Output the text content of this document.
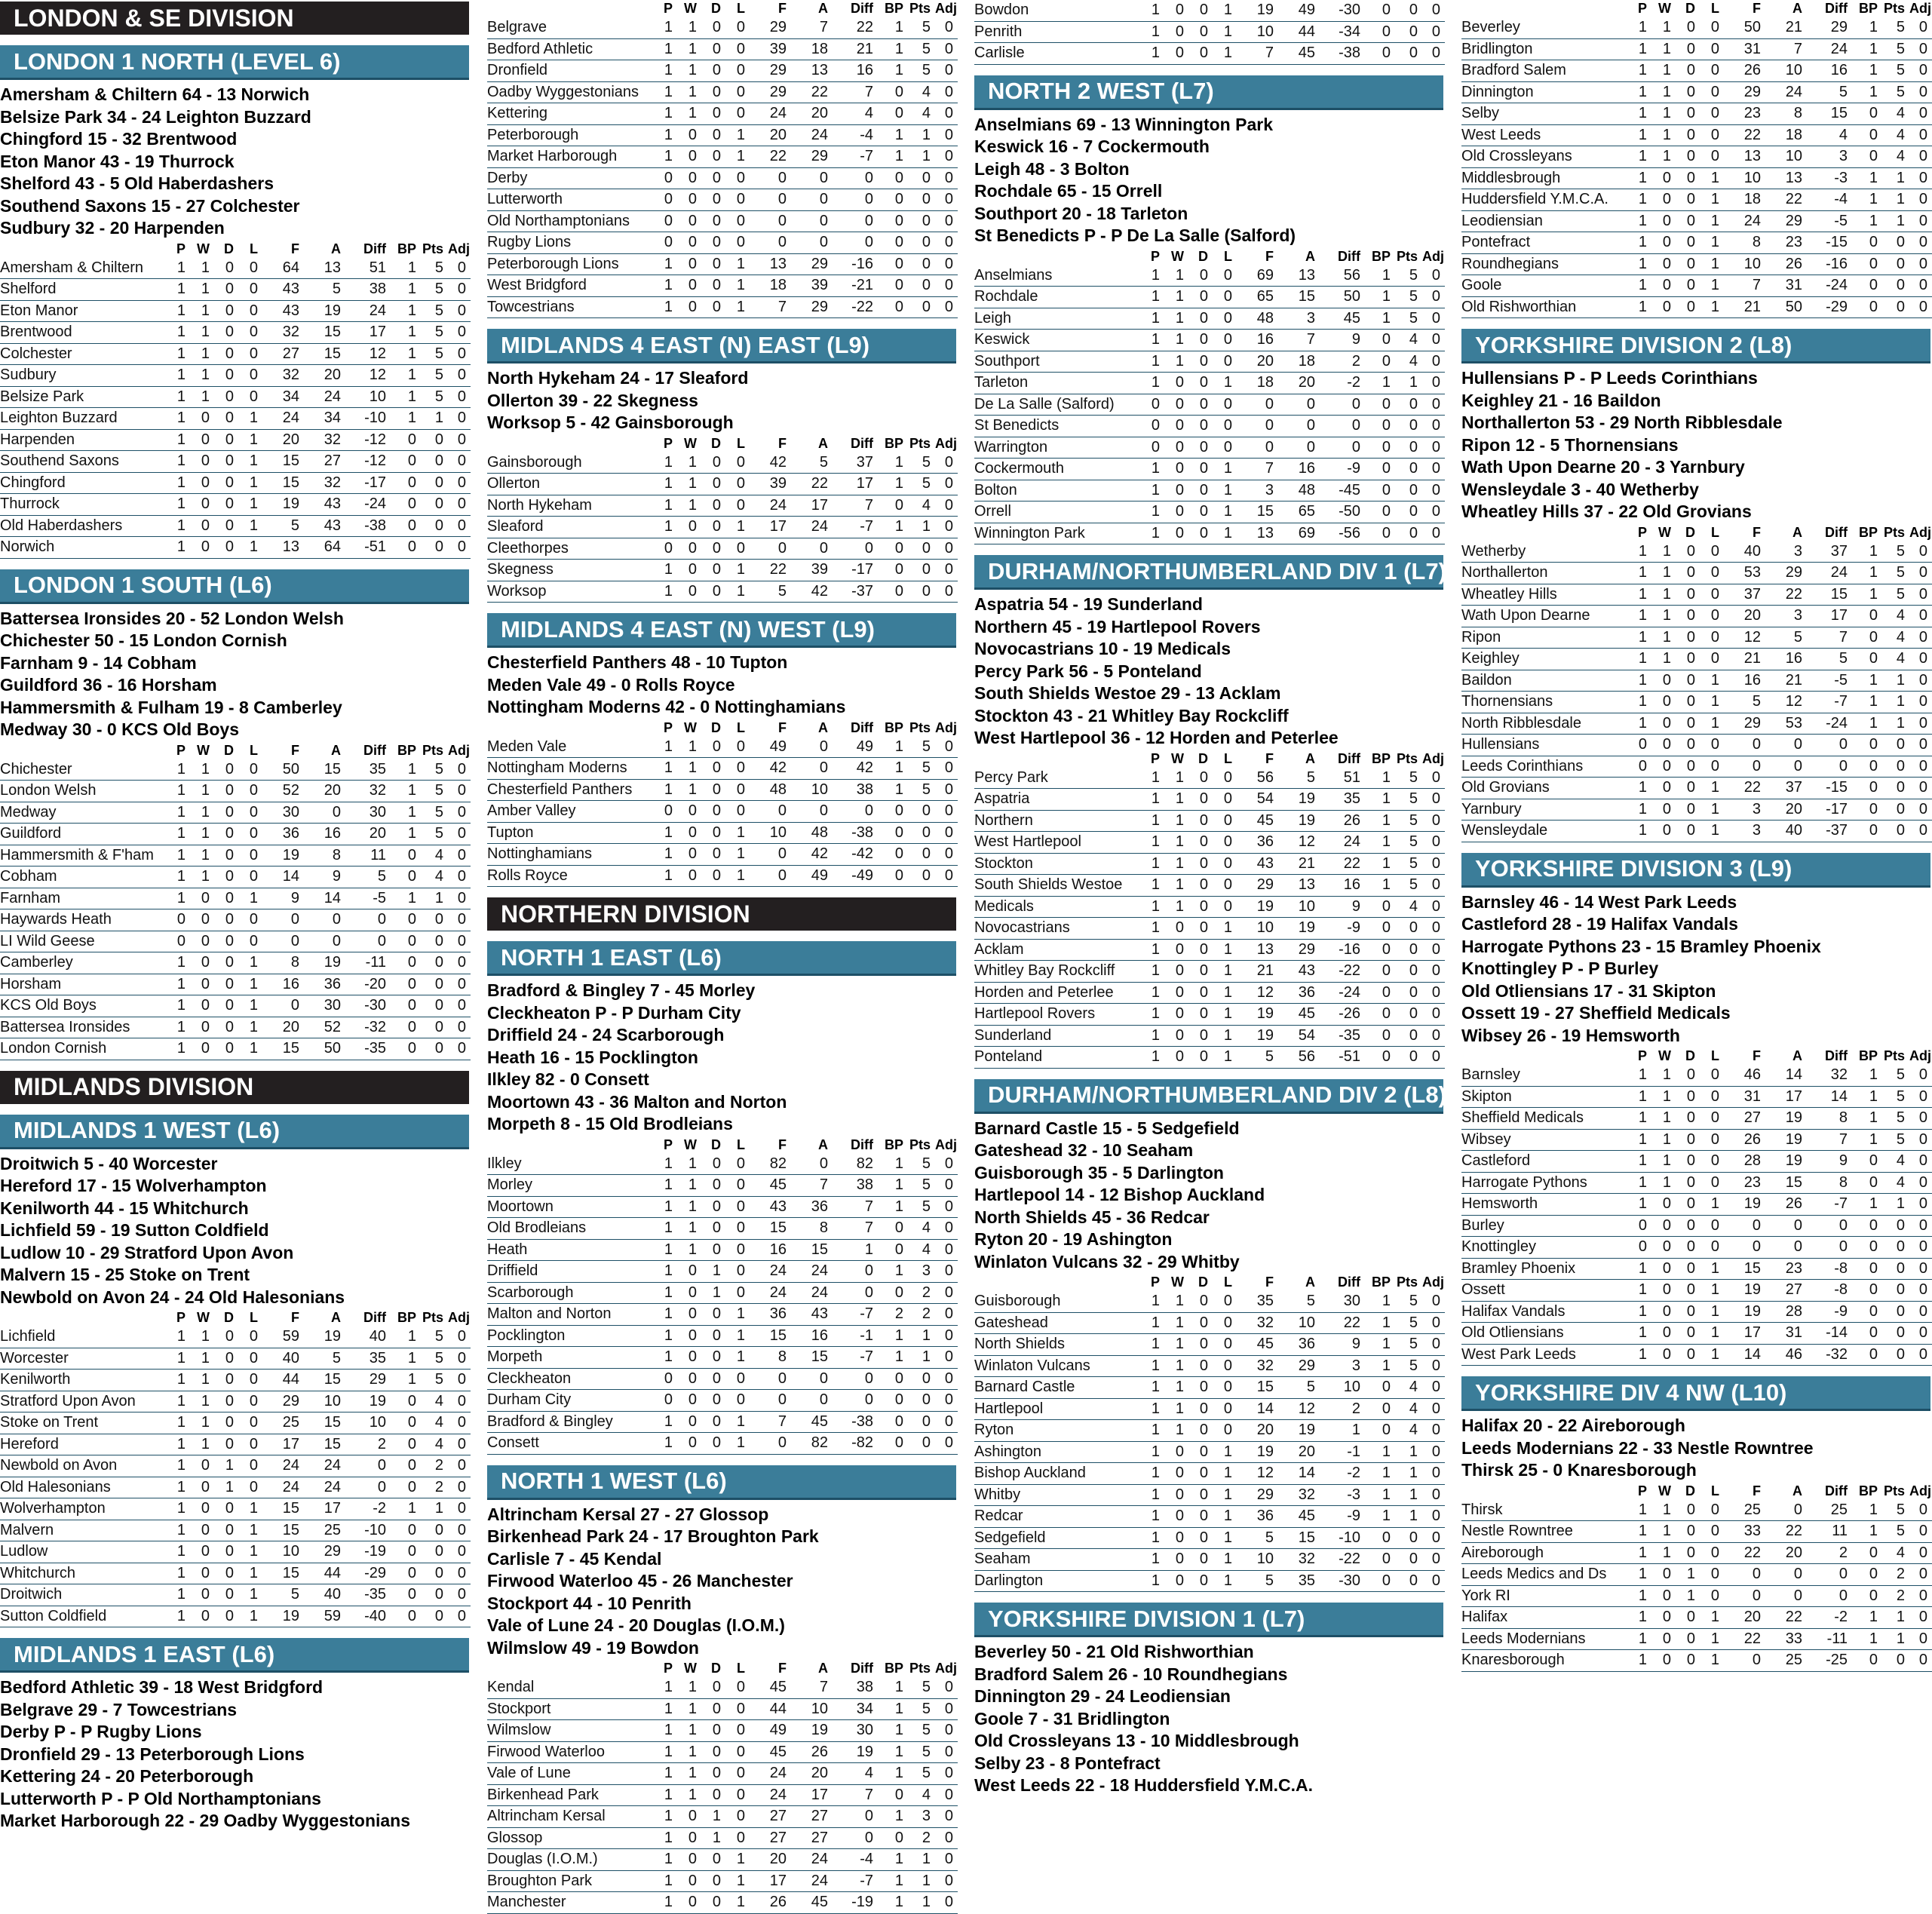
LONDON & SE DIVISION
LONDON 1 NORTH (LEVEL 6)
Amersham & Chiltern 64 - 13 Norwich
Belsize Park 34 - 24 Leighton Buzzard
Chingford 15 - 32 Brentwood
Eton Manor 43 - 19 Thurrock
Shelford 43 - 5 Old Haberdashers
Southend Saxons 15 - 27 Colchester
Sudbury 32 - 20 Harpenden
	P	W	D	L	F	A	Diff	BP	Pts	Adj
Amersham & Chiltern	1	1	0	0	64	13	51	1	5	0
Shelford	1	1	0	0	43	5	38	1	5	0
Eton Manor	1	1	0	0	43	19	24	1	5	0
Brentwood	1	1	0	0	32	15	17	1	5	0
Colchester	1	1	0	0	27	15	12	1	5	0
Sudbury	1	1	0	0	32	20	12	1	5	0
Belsize Park	1	1	0	0	34	24	10	1	5	0
Leighton Buzzard	1	0	0	1	24	34	-10	1	1	0
Harpenden	1	0	0	1	20	32	-12	0	0	0
Southend Saxons	1	0	0	1	15	27	-12	0	0	0
Chingford	1	0	0	1	15	32	-17	0	0	0
Thurrock	1	0	0	1	19	43	-24	0	0	0
Old Haberdashers	1	0	0	1	5	43	-38	0	0	0
Norwich	1	0	0	1	13	64	-51	0	0	0
LONDON 1 SOUTH (L6)
Battersea Ironsides 20 - 52 London Welsh
Chichester 50 - 15 London Cornish
Farnham 9 - 14 Cobham
Guildford 36 - 16 Horsham
Hammersmith & Fulham 19 - 8 Camberley
Medway 30 - 0 KCS Old Boys
	P	W	D	L	F	A	Diff	BP	Pts	Adj
Chichester	1	1	0	0	50	15	35	1	5	0
London Welsh	1	1	0	0	52	20	32	1	5	0
Medway	1	1	0	0	30	0	30	1	5	0
Guildford	1	1	0	0	36	16	20	1	5	0
Hammersmith & F'ham	1	1	0	0	19	8	11	0	4	0
Cobham	1	1	0	0	14	9	5	0	4	0
Farnham	1	0	0	1	9	14	-5	1	1	0
Haywards Heath	0	0	0	0	0	0	0	0	0	0
LI Wild Geese	0	0	0	0	0	0	0	0	0	0
Camberley	1	0	0	1	8	19	-11	0	0	0
Horsham	1	0	0	1	16	36	-20	0	0	0
KCS Old Boys	1	0	0	1	0	30	-30	0	0	0
Battersea Ironsides	1	0	0	1	20	52	-32	0	0	0
London Cornish	1	0	0	1	15	50	-35	0	0	0
MIDLANDS DIVISION
MIDLANDS 1 WEST (L6)
Droitwich 5 - 40 Worcester
Hereford 17 - 15 Wolverhampton
Kenilworth 44 - 15 Whitchurch
Lichfield 59 - 19 Sutton Coldfield
Ludlow 10 - 29 Stratford Upon Avon
Malvern 15 - 25 Stoke on Trent
Newbold on Avon 24 - 24 Old Halesonians
	P	W	D	L	F	A	Diff	BP	Pts	Adj
Lichfield	1	1	0	0	59	19	40	1	5	0
Worcester	1	1	0	0	40	5	35	1	5	0
Kenilworth	1	1	0	0	44	15	29	1	5	0
Stratford Upon Avon	1	1	0	0	29	10	19	0	4	0
Stoke on Trent	1	1	0	0	25	15	10	0	4	0
Hereford	1	1	0	0	17	15	2	0	4	0
Newbold on Avon	1	0	1	0	24	24	0	0	2	0
Old Halesonians	1	0	1	0	24	24	0	0	2	0
Wolverhampton	1	0	0	1	15	17	-2	1	1	0
Malvern	1	0	0	1	15	25	-10	0	0	0
Ludlow	1	0	0	1	10	29	-19	0	0	0
Whitchurch	1	0	0	1	15	44	-29	0	0	0
Droitwich	1	0	0	1	5	40	-35	0	0	0
Sutton Coldfield	1	0	0	1	19	59	-40	0	0	0
MIDLANDS 1 EAST (L6)
Bedford Athletic 39 - 18 West Bridgford
Belgrave 29 - 7 Towcestrians
Derby P - P Rugby Lions
Dronfield 29 - 13 Peterborough Lions
Kettering 24 - 20 Peterborough
Lutterworth P - P Old Northamptonians
Market Harborough 22 - 29 Oadby Wyggestonians
	P	W	D	L	F	A	Diff	BP	Pts	Adj
Belgrave	1	1	0	0	29	7	22	1	5	0
Bedford Athletic	1	1	0	0	39	18	21	1	5	0
Dronfield	1	1	0	0	29	13	16	1	5	0
Oadby Wyggestonians	1	1	0	0	29	22	7	0	4	0
Kettering	1	1	0	0	24	20	4	0	4	0
Peterborough	1	0	0	1	20	24	-4	1	1	0
Market Harborough	1	0	0	1	22	29	-7	1	1	0
Derby	0	0	0	0	0	0	0	0	0	0
Lutterworth	0	0	0	0	0	0	0	0	0	0
Old Northamptonians	0	0	0	0	0	0	0	0	0	0
Rugby Lions	0	0	0	0	0	0	0	0	0	0
Peterborough Lions	1	0	0	1	13	29	-16	0	0	0
West Bridgford	1	0	0	1	18	39	-21	0	0	0
Towcestrians	1	0	0	1	7	29	-22	0	0	0
MIDLANDS 4 EAST (N) EAST (L9)
North Hykeham 24 - 17 Sleaford
Ollerton 39 - 22 Skegness
Worksop 5 - 42 Gainsborough
	P	W	D	L	F	A	Diff	BP	Pts	Adj
Gainsborough	1	1	0	0	42	5	37	1	5	0
Ollerton	1	1	0	0	39	22	17	1	5	0
North Hykeham	1	1	0	0	24	17	7	0	4	0
Sleaford	1	0	0	1	17	24	-7	1	1	0
Cleethorpes	0	0	0	0	0	0	0	0	0	0
Skegness	1	0	0	1	22	39	-17	0	0	0
Worksop	1	0	0	1	5	42	-37	0	0	0
MIDLANDS 4 EAST (N) WEST (L9)
Chesterfield Panthers 48 - 10 Tupton
Meden Vale 49 - 0 Rolls Royce
Nottingham Moderns 42 - 0 Nottinghamians
	P	W	D	L	F	A	Diff	BP	Pts	Adj
Meden Vale	1	1	0	0	49	0	49	1	5	0
Nottingham Moderns	1	1	0	0	42	0	42	1	5	0
Chesterfield Panthers	1	1	0	0	48	10	38	1	5	0
Amber Valley	0	0	0	0	0	0	0	0	0	0
Tupton	1	0	0	1	10	48	-38	0	0	0
Nottinghamians	1	0	0	1	0	42	-42	0	0	0
Rolls Royce	1	0	0	1	0	49	-49	0	0	0
NORTHERN DIVISION
NORTH 1 EAST (L6)
Bradford & Bingley 7 - 45 Morley
Cleckheaton P - P Durham City
Driffield 24 - 24 Scarborough
Heath 16 - 15 Pocklington
Ilkley 82 - 0 Consett
Moortown 43 - 36 Malton and Norton
Morpeth 8 - 15 Old Brodleians
	P	W	D	L	F	A	Diff	BP	Pts	Adj
Ilkley	1	1	0	0	82	0	82	1	5	0
Morley	1	1	0	0	45	7	38	1	5	0
Moortown	1	1	0	0	43	36	7	1	5	0
Old Brodleians	1	1	0	0	15	8	7	0	4	0
Heath	1	1	0	0	16	15	1	0	4	0
Driffield	1	0	1	0	24	24	0	1	3	0
Scarborough	1	0	1	0	24	24	0	0	2	0
Malton and Norton	1	0	0	1	36	43	-7	2	2	0
Pocklington	1	0	0	1	15	16	-1	1	1	0
Morpeth	1	0	0	1	8	15	-7	1	1	0
Cleckheaton	0	0	0	0	0	0	0	0	0	0
Durham City	0	0	0	0	0	0	0	0	0	0
Bradford & Bingley	1	0	0	1	7	45	-38	0	0	0
Consett	1	0	0	1	0	82	-82	0	0	0
NORTH 1 WEST (L6)
Altrincham Kersal 27 - 27 Glossop
Birkenhead Park 24 - 17 Broughton Park
Carlisle 7 - 45 Kendal
Firwood Waterloo 45 - 26 Manchester
Stockport 44 - 10 Penrith
Vale of Lune 24 - 20 Douglas (I.O.M.)
Wilmslow 49 - 19 Bowdon
	P	W	D	L	F	A	Diff	BP	Pts	Adj
Kendal	1	1	0	0	45	7	38	1	5	0
Stockport	1	1	0	0	44	10	34	1	5	0
Wilmslow	1	1	0	0	49	19	30	1	5	0
Firwood Waterloo	1	1	0	0	45	26	19	1	5	0
Vale of Lune	1	1	0	0	24	20	4	1	5	0
Birkenhead Park	1	1	0	0	24	17	7	0	4	0
Altrincham Kersal	1	0	1	0	27	27	0	1	3	0
Glossop	1	0	1	0	27	27	0	0	2	0
Douglas (I.O.M.)	1	0	0	1	20	24	-4	1	1	0
Broughton Park	1	0	0	1	17	24	-7	1	1	0
Manchester	1	0	0	1	26	45	-19	1	1	0
Bowdon	1	0	0	1	19	49	-30	0	0	0
Penrith	1	0	0	1	10	44	-34	0	0	0
Carlisle	1	0	0	1	7	45	-38	0	0	0
NORTH 2 WEST (L7)
Anselmians 69 - 13 Winnington Park
Keswick 16 - 7 Cockermouth
Leigh 48 - 3 Bolton
Rochdale 65 - 15 Orrell
Southport 20 - 18 Tarleton
St Benedicts P - P De La Salle (Salford)
	P	W	D	L	F	A	Diff	BP	Pts	Adj
Anselmians	1	1	0	0	69	13	56	1	5	0
Rochdale	1	1	0	0	65	15	50	1	5	0
Leigh	1	1	0	0	48	3	45	1	5	0
Keswick	1	1	0	0	16	7	9	0	4	0
Southport	1	1	0	0	20	18	2	0	4	0
Tarleton	1	0	0	1	18	20	-2	1	1	0
De La Salle (Salford)	0	0	0	0	0	0	0	0	0	0
St Benedicts	0	0	0	0	0	0	0	0	0	0
Warrington	0	0	0	0	0	0	0	0	0	0
Cockermouth	1	0	0	1	7	16	-9	0	0	0
Bolton	1	0	0	1	3	48	-45	0	0	0
Orrell	1	0	0	1	15	65	-50	0	0	0
Winnington Park	1	0	0	1	13	69	-56	0	0	0
DURHAM/NORTHUMBERLAND DIV 1 (L7)
Aspatria 54 - 19 Sunderland
Northern 45 - 19 Hartlepool Rovers
Novocastrians 10 - 19 Medicals
Percy Park 56 - 5 Ponteland
South Shields Westoe 29 - 13 Acklam
Stockton 43 - 21 Whitley Bay Rockcliff
West Hartlepool 36 - 12 Horden and Peterlee
	P	W	D	L	F	A	Diff	BP	Pts	Adj
Percy Park	1	1	0	0	56	5	51	1	5	0
Aspatria	1	1	0	0	54	19	35	1	5	0
Northern	1	1	0	0	45	19	26	1	5	0
West Hartlepool	1	1	0	0	36	12	24	1	5	0
Stockton	1	1	0	0	43	21	22	1	5	0
South Shields Westoe	1	1	0	0	29	13	16	1	5	0
Medicals	1	1	0	0	19	10	9	0	4	0
Novocastrians	1	0	0	1	10	19	-9	0	0	0
Acklam	1	0	0	1	13	29	-16	0	0	0
Whitley Bay Rockcliff	1	0	0	1	21	43	-22	0	0	0
Horden and Peterlee	1	0	0	1	12	36	-24	0	0	0
Hartlepool Rovers	1	0	0	1	19	45	-26	0	0	0
Sunderland	1	0	0	1	19	54	-35	0	0	0
Ponteland	1	0	0	1	5	56	-51	0	0	0
DURHAM/NORTHUMBERLAND DIV 2 (L8)
Barnard Castle 15 - 5 Sedgefield
Gateshead 32 - 10 Seaham
Guisborough 35 - 5 Darlington
Hartlepool 14 - 12 Bishop Auckland
North Shields 45 - 36 Redcar
Ryton 20 - 19 Ashington
Winlaton Vulcans 32 - 29 Whitby
	P	W	D	L	F	A	Diff	BP	Pts	Adj
Guisborough	1	1	0	0	35	5	30	1	5	0
Gateshead	1	1	0	0	32	10	22	1	5	0
North Shields	1	1	0	0	45	36	9	1	5	0
Winlaton Vulcans	1	1	0	0	32	29	3	1	5	0
Barnard Castle	1	1	0	0	15	5	10	0	4	0
Hartlepool	1	1	0	0	14	12	2	0	4	0
Ryton	1	1	0	0	20	19	1	0	4	0
Ashington	1	0	0	1	19	20	-1	1	1	0
Bishop Auckland	1	0	0	1	12	14	-2	1	1	0
Whitby	1	0	0	1	29	32	-3	1	1	0
Redcar	1	0	0	1	36	45	-9	1	1	0
Sedgefield	1	0	0	1	5	15	-10	0	0	0
Seaham	1	0	0	1	10	32	-22	0	0	0
Darlington	1	0	0	1	5	35	-30	0	0	0
YORKSHIRE DIVISION 1 (L7)
Beverley 50 - 21 Old Rishworthian
Bradford Salem 26 - 10 Roundhegians
Dinnington 29 - 24 Leodiensian
Goole 7 - 31 Bridlington
Old Crossleyans 13 - 10 Middlesbrough
Selby 23 - 8 Pontefract
West Leeds 22 - 18 Huddersfield Y.M.C.A.
	P	W	D	L	F	A	Diff	BP	Pts	Adj
Beverley	1	1	0	0	50	21	29	1	5	0
Bridlington	1	1	0	0	31	7	24	1	5	0
Bradford Salem	1	1	0	0	26	10	16	1	5	0
Dinnington	1	1	0	0	29	24	5	1	5	0
Selby	1	1	0	0	23	8	15	0	4	0
West Leeds	1	1	0	0	22	18	4	0	4	0
Old Crossleyans	1	1	0	0	13	10	3	0	4	0
Middlesbrough	1	0	0	1	10	13	-3	1	1	0
Huddersfield Y.M.C.A.	1	0	0	1	18	22	-4	1	1	0
Leodiensian	1	0	0	1	24	29	-5	1	1	0
Pontefract	1	0	0	1	8	23	-15	0	0	0
Roundhegians	1	0	0	1	10	26	-16	0	0	0
Goole	1	0	0	1	7	31	-24	0	0	0
Old Rishworthian	1	0	0	1	21	50	-29	0	0	0
YORKSHIRE DIVISION 2 (L8)
Hullensians P - P Leeds Corinthians
Keighley 21 - 16 Baildon
Northallerton 53 - 29 North Ribblesdale
Ripon 12 - 5 Thornensians
Wath Upon Dearne 20 - 3 Yarnbury
Wensleydale 3 - 40 Wetherby
Wheatley Hills 37 - 22 Old Grovians
	P	W	D	L	F	A	Diff	BP	Pts	Adj
Wetherby	1	1	0	0	40	3	37	1	5	0
Northallerton	1	1	0	0	53	29	24	1	5	0
Wheatley Hills	1	1	0	0	37	22	15	1	5	0
Wath Upon Dearne	1	1	0	0	20	3	17	0	4	0
Ripon	1	1	0	0	12	5	7	0	4	0
Keighley	1	1	0	0	21	16	5	0	4	0
Baildon	1	0	0	1	16	21	-5	1	1	0
Thornensians	1	0	0	1	5	12	-7	1	1	0
North Ribblesdale	1	0	0	1	29	53	-24	1	1	0
Hullensians	0	0	0	0	0	0	0	0	0	0
Leeds Corinthians	0	0	0	0	0	0	0	0	0	0
Old Grovians	1	0	0	1	22	37	-15	0	0	0
Yarnbury	1	0	0	1	3	20	-17	0	0	0
Wensleydale	1	0	0	1	3	40	-37	0	0	0
YORKSHIRE DIVISION 3 (L9)
Barnsley 46 - 14 West Park Leeds
Castleford 28 - 19 Halifax Vandals
Harrogate Pythons 23 - 15 Bramley Phoenix
Knottingley P - P Burley
Old Otliensians 17 - 31 Skipton
Ossett 19 - 27 Sheffield Medicals
Wibsey 26 - 19 Hemsworth
	P	W	D	L	F	A	Diff	BP	Pts	Adj
Barnsley	1	1	0	0	46	14	32	1	5	0
Skipton	1	1	0	0	31	17	14	1	5	0
Sheffield Medicals	1	1	0	0	27	19	8	1	5	0
Wibsey	1	1	0	0	26	19	7	1	5	0
Castleford	1	1	0	0	28	19	9	0	4	0
Harrogate Pythons	1	1	0	0	23	15	8	0	4	0
Hemsworth	1	0	0	1	19	26	-7	1	1	0
Burley	0	0	0	0	0	0	0	0	0	0
Knottingley	0	0	0	0	0	0	0	0	0	0
Bramley Phoenix	1	0	0	1	15	23	-8	0	0	0
Ossett	1	0	0	1	19	27	-8	0	0	0
Halifax Vandals	1	0	0	1	19	28	-9	0	0	0
Old Otliensians	1	0	0	1	17	31	-14	0	0	0
West Park Leeds	1	0	0	1	14	46	-32	0	0	0
YORKSHIRE DIV 4 NW (L10)
Halifax 20 - 22 Aireborough
Leeds Modernians 22 - 33 Nestle Rowntree
Thirsk 25 - 0 Knaresborough
	P	W	D	L	F	A	Diff	BP	Pts	Adj
Thirsk	1	1	0	0	25	0	25	1	5	0
Nestle Rowntree	1	1	0	0	33	22	11	1	5	0
Aireborough	1	1	0	0	22	20	2	0	4	0
Leeds Medics and Ds	1	0	1	0	0	0	0	0	2	0
York RI	1	0	1	0	0	0	0	0	2	0
Halifax	1	0	0	1	20	22	-2	1	1	0
Leeds Modernians	1	0	0	1	22	33	-11	1	1	0
Knaresborough	1	0	0	1	0	25	-25	0	0	0
